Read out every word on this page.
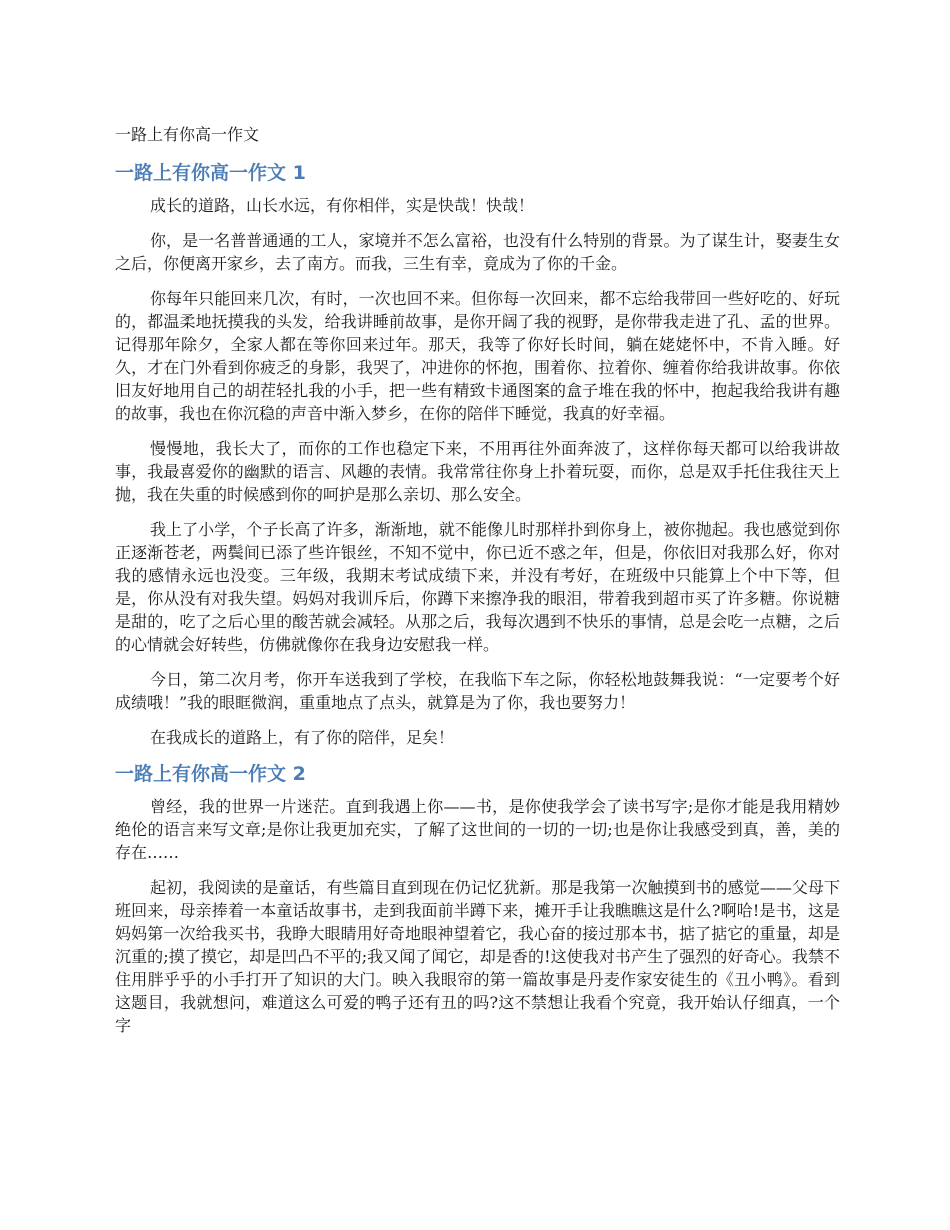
一路上有你高一作文
一路上有你高一作文 1

成长的道路，山长水远，有你相伴，实是快哉！快哉！

你，是一名普普通通的工人，家境并不怎么富裕，也没有什么特别的背景。为了谋生计，娶妻生女之后，你便离开家乡，去了南方。而我，三生有幸，竟成为了你的千金。

你每年只能回来几次，有时，一次也回不来。但你每一次回来，都不忘给我带回一些好吃的、好玩的，都温柔地抚摸我的头发，给我讲睡前故事，是你开阔了我的视野，是你带我走进了孔、孟的世界。记得那年除夕，全家人都在等你回来过年。那天，我等了你好长时间，躺在姥姥怀中，不肯入睡。好久，才在门外看到你疲乏的身影，我哭了，冲进你的怀抱，围着你、拉着你、缠着你给我讲故事。你依旧友好地用自己的胡茬轻扎我的小手，把一些有精致卡通图案的盒子堆在我的怀中，抱起我给我讲有趣的故事，我也在你沉稳的声音中渐入梦乡，在你的陪伴下睡觉，我真的好幸福。

慢慢地，我长大了，而你的工作也稳定下来，不用再往外面奔波了，这样你每天都可以给我讲故事，我最喜爱你的幽默的语言、风趣的表情。我常常往你身上扑着玩耍，而你，总是双手托住我往天上抛，我在失重的时候感到你的呵护是那么亲切、那么安全。

我上了小学，个子长高了许多，渐渐地，就不能像儿时那样扑到你身上，被你抛起。我也感觉到你正逐渐苍老，两鬓间已添了些许银丝，不知不觉中，你已近不惑之年，但是，你依旧对我那么好，你对我的感情永远也没变。三年级，我期末考试成绩下来，并没有考好，在班级中只能算上个中下等，但是，你从没有对我失望。妈妈对我训斥后，你蹲下来擦净我的眼泪，带着我到超市买了许多糖。你说糖是甜的，吃了之后心里的酸苦就会减轻。从那之后，我每次遇到不快乐的事情，总是会吃一点糖，之后的心情就会好转些，仿佛就像你在我身边安慰我一样。

今日，第二次月考，你开车送我到了学校，在我临下车之际，你轻松地鼓舞我说：“一定要考个好成绩哦！”我的眼眶微润，重重地点了点头，就算是为了你，我也要努力！

在我成长的道路上，有了你的陪伴，足矣！

一路上有你高一作文 2

曾经，我的世界一片迷茫。直到我遇上你——书，是你使我学会了读书写字;是你才能是我用精妙绝伦的语言来写文章;是你让我更加充实，了解了这世间的一切的一切;也是你让我感受到真，善，美的存在……

起初，我阅读的是童话，有些篇目直到现在仍记忆犹新。那是我第一次触摸到书的感觉——父母下班回来，母亲捧着一本童话故事书，走到我面前半蹲下来，摊开手让我瞧瞧这是什么?啊哈!是书，这是妈妈第一次给我买书，我睁大眼睛用好奇地眼神望着它，我心奋的接过那本书，掂了掂它的重量，却是沉重的;摸了摸它，却是凹凸不平的;我又闻了闻它，却是香的!这使我对书产生了强烈的好奇心。我禁不住用胖乎乎的小手打开了知识的大门。映入我眼帘的第一篇故事是丹麦作家安徒生的《丑小鸭》。看到这题目，我就想问，难道这么可爱的鸭子还有丑的吗?这不禁想让我看个究竟，我开始认仔细真，一个字
